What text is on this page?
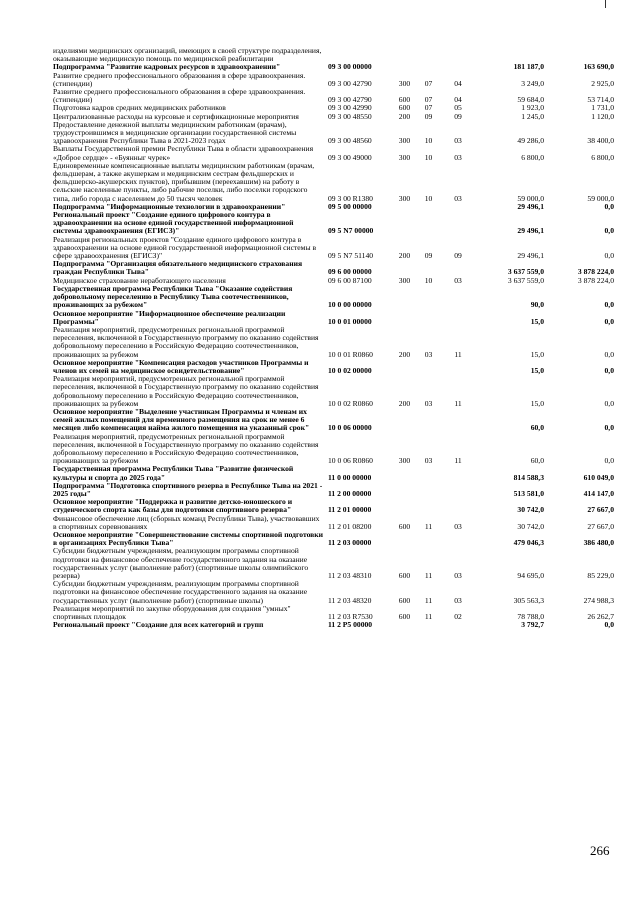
изделиями медицинских организаций, имеющих в своей структуре подразделения, оказывающие медицинскую помощь по медицинской реабилитации
Подпрограмма "Развитие кадровых ресурсов в здравоохранении"	09 3 00 00000	181 187,0	163 690,0
Развитие среднего профессионального образования в сфере здравоохранения. (стипендии)	09 3 00 42790	300	07	04	3 249,0	2 925,0
Развитие среднего профессионального образования в сфере здравоохранения. (стипендии)	09 3 00 42790	600	07	04	59 684,0	53 714,0
Подготовка кадров средних медицинских работников	09 3 00 42990	600	07	05	1 923,0	1 731,0
Централизованные расходы на курсовые и сертификационные мероприятия	09 3 00 48550	200	09	09	1 245,0	1 120,0
Предоставление денежной выплаты медицинским работникам (врачам), трудоустроившимся в медицинские организации государственной системы здравоохранения Республики Тыва в 2021-2023 годах	09 3 00 48560	300	10	03	49 286,0	38 400,0
Выплаты Государственной премии Республики Тыва в области здравоохранения «Доброе сердце» - «Буянныг чурек»	09 3 00 49000	300	10	03	6 800,0	6 800,0
Единовременные компенсационные выплаты медицинским работникам (врачам, фельдшерам, а также акушеркам и медицинским сестрам фельдшерских и фельдшерско-акушерских пунктов), прибывшим (переехавшим) на работу в сельские населенные пункты, либо рабочие поселки, либо поселки городского типа, либо города с населением до 50 тысяч человек	09 3 00 R1380	300	10	03	59 000,0	59 000,0
Подпрограмма "Информационные технологии в здравоохранении"	09 5 00 00000	29 496,1	0,0
Региональный проект "Создание единого цифрового контура в здравоохранении на основе единой государственной информационной системы здравоохранения (ЕГИСЗ)"	09 5 N7 00000	29 496,1	0,0
Реализация региональных проектов "Создание единого цифрового контура в здравоохранении на основе единой государственной информационной системы в сфере здравоохранения (ЕГИСЗ)"	09 5 N7 51140	200	09	09	29 496,1	0,0
Подпрограмма "Организация обязательного медицинского страхования граждан Республики Тыва"	09 6 00 00000	3 637 559,0	3 878 224,0
Медицинское страхование неработающего населения	09 6 00 87100	300	10	03	3 637 559,0	3 878 224,0
Государственная программа Республики Тыва "Оказание содействия добровольному переселению в Республику Тыва соотечественников, проживающих за рубежом"	10 0 00 00000	90,0	0,0
Основное мероприятие "Информационное обеспечение реализации Программы"	10 0 01 00000	15,0	0,0
Реализация мероприятий, предусмотренных региональной программой переселения, включенной в Государственную программу по оказанию содействия добровольному переселению в Российскую Федерацию соотечественников, проживающих за рубежом	10 0 01 R0860	200	03	11	15,0	0,0
Основное мероприятие "Компенсация расходов участников Программы и членов их семей на медицинское освидетельствование"	10 0 02 00000	15,0	0,0
Реализация мероприятий, предусмотренных региональной программой переселения, включенной в Государственную программу по оказанию содействия добровольному переселению в Российскую Федерацию соотечественников, проживающих за рубежом	10 0 02 R0860	200	03	11	15,0	0,0
Основное мероприятие "Выделение участникам Программы и членам их семей жилых помещений для временного размещения на срок не менее 6 месяцев либо компенсация найма жилого помещения на указанный срок"	10 0 06 00000	60,0	0,0
Реализация мероприятий, предусмотренных региональной программой переселения, включенной в Государственную программу по оказанию содействия добровольному переселению в Российскую Федерацию соотечественников, проживающих за рубежом	10 0 06 R0860	300	03	11	60,0	0,0
Государственная программа Республики Тыва "Развитие физической культуры и спорта до 2025 года"	11 0 00 00000	814 588,3	610 049,0
Подпрограмма "Подготовка спортивного резерва в Республике Тыва на 2021 - 2025 годы"	11 2 00 00000	513 581,0	414 147,0
Основное мероприятие "Поддержка и развитие детско-юношеского и студенческого спорта как базы для подготовки спортивного резерва"	11 2 01 00000	30 742,0	27 667,0
Финансовое обеспечение лиц (сборных команд Республики Тыва), участвовавших в спортивных соревнованиях	11 2 01 08200	600	11	03	30 742,0	27 667,0
Основное мероприятие "Совершенствование системы спортивной подготовки в организациях Республики Тыва"	11 2 03 00000	479 046,3	386 480,0
Субсидии бюджетным учреждениям, реализующим программы спортивной подготовки на финансовое обеспечение государственного задания на оказание государственных услуг (выполнение работ) (спортивные школы олимпийского резерва)	11 2 03 48310	600	11	03	94 695,0	85 229,0
Субсидии бюджетным учреждениям, реализующим программы спортивной подготовки на финансовое обеспечение государственного задания на оказание государственных услуг (выполнение работ) (спортивные школы)	11 2 03 48320	600	11	03	305 563,3	274 988,3
Реализация мероприятий по закупке оборудования для создания "умных" спортивных площадок	11 2 03 R7530	600	11	02	78 788,0	26 262,7
Региональный проект "Создание для всех категорий и групп	11 2 P5 00000	3 792,7	0,0
266
